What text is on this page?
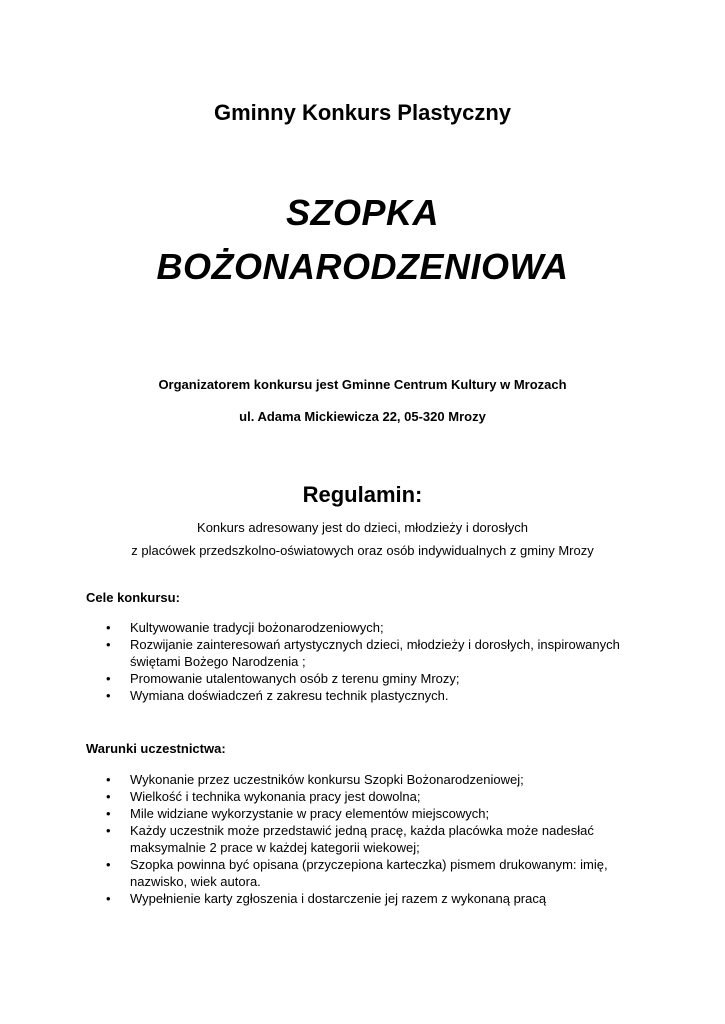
Gminny Konkurs Plastyczny
SZOPKA
BOŻONARODZENIOWA
Organizatorem konkursu jest Gminne Centrum Kultury w Mrozach
ul. Adama Mickiewicza 22, 05-320 Mrozy
Regulamin:
Konkurs adresowany jest do dzieci, młodzieży i dorosłych
z placówek przedszkolno-oświatowych oraz osób indywidualnych z gminy Mrozy
Cele konkursu:
• Kultywowanie tradycji bożonarodzeniowych;
• Rozwijanie zainteresowań artystycznych dzieci, młodzieży i dorosłych, inspirowanych świętami Bożego Narodzenia ;
• Promowanie utalentowanych osób z terenu gminy Mrozy;
• Wymiana doświadczeń z zakresu technik plastycznych.
Warunki uczestnictwa:
• Wykonanie przez uczestników konkursu Szopki Bożonarodzeniowej;
• Wielkość i technika wykonania pracy jest dowolna;
• Mile widziane wykorzystanie w pracy elementów miejscowych;
• Każdy uczestnik może przedstawić jedną pracę, każda placówka może nadesłać maksymalnie 2 prace w każdej kategorii wiekowej;
• Szopka powinna być opisana (przyczepiona karteczka) pismem drukowanym: imię, nazwisko, wiek autora.
• Wypełnienie karty zgłoszenia i dostarczenie jej razem z wykonaną pracą
